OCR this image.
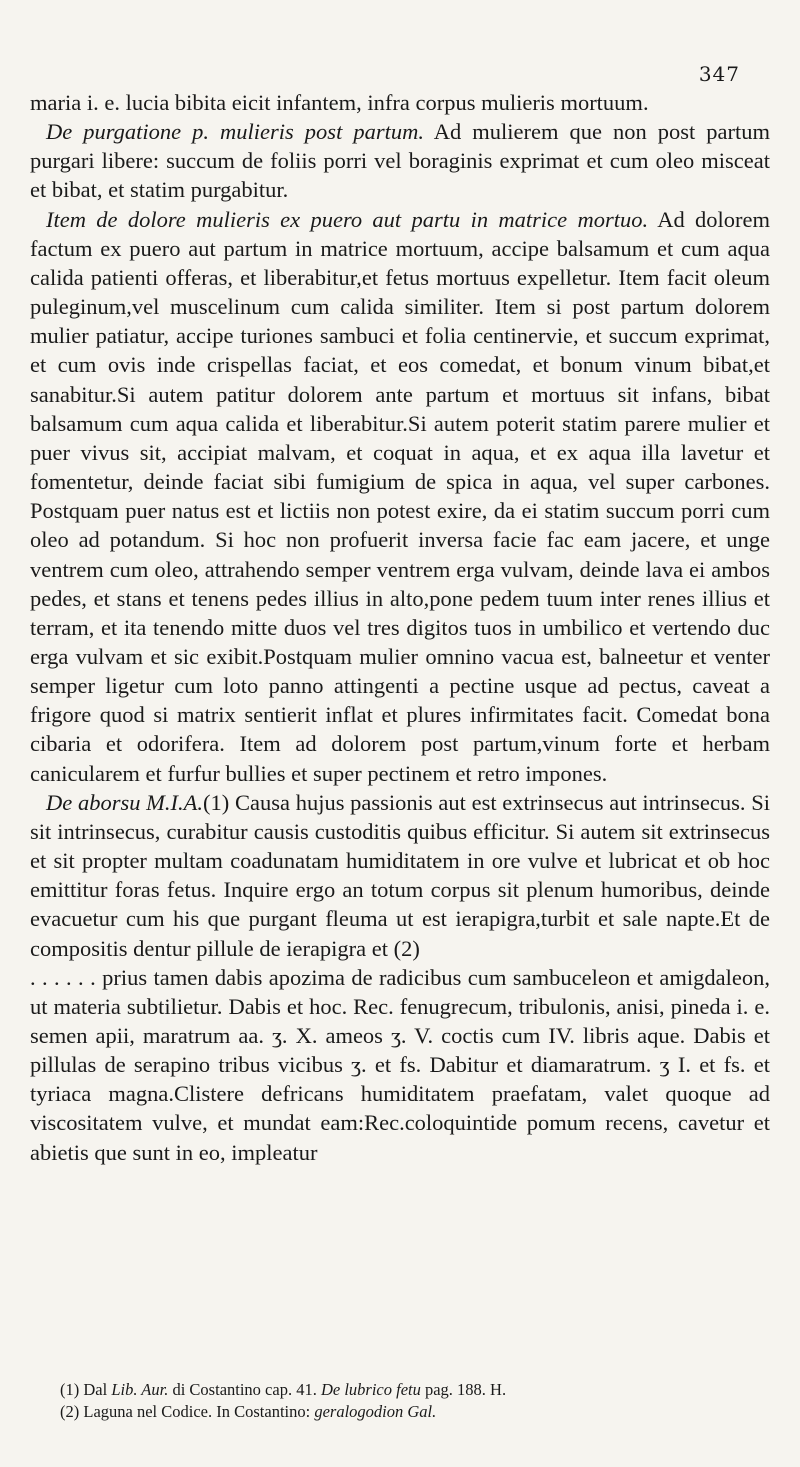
347

maria i. e. lucia bibita eicit infantem, infra corpus mulieris mortuum.

De purgatione p. mulieris post partum. Ad mulierem que non post partum purgari libere: succum de foliis porri vel boraginis exprimat et cum oleo misceat et bibat, et statim purgabitur.

Item de dolore mulieris ex puero aut partu in matrice mortuo. Ad dolorem factum ex puero aut partum in matrice mortuum, accipe balsamum et cum aqua calida patienti offeras, et liberabitur,et fetus mortuus expelletur. Item facit oleum puleginum,vel muscelinum cum calida similiter. Item si post partum dolorem mulier patiatur, accipe turiones sambuci et folia centinervie, et succum exprimat, et cum ovis inde crispellas faciat, et eos comedat, et bonum vinum bibat,et sanabitur.Si autem patitur dolorem ante partum et mortuus sit infans, bibat balsamum cum aqua calida et liberabitur.Si autem poterit statim parere mulier et puer vivus sit, accipiat malvam, et coquat in aqua, et ex aqua illa lavetur et fomentetur, deinde faciat sibi fumigium de spica in aqua, vel super carbones. Postquam puer natus est et lictiis non potest exire, da ei statim succum porri cum oleo ad potandum. Si hoc non profuerit inversa facie fac eam jacere, et unge ventrem cum oleo, attrahendo semper ventrem erga vulvam, deinde lava ei ambos pedes, et stans et tenens pedes illius in alto,pone pedem tuum inter renes illius et terram, et ita tenendo mitte duos vel tres digitos tuos in umbilico et vertendo duc erga vulvam et sic exibit.Postquam mulier omnino vacua est, balneetur et venter semper ligetur cum loto panno attingenti a pectine usque ad pectus, caveat a frigore quod si matrix sentierit inflat et plures infirmitates facit. Comedat bona cibaria et odorifera. Item ad dolorem post partum,vinum forte et herbam canicularem et furfur bullies et super pectinem et retro impones.

De aborsu M.I.A.(1) Causa hujus passionis aut est extrinsecus aut intrinsecus. Si sit intrinsecus, curabitur causis custoditis quibus efficitur. Si autem sit extrinsecus et sit propter multam coadunatam humiditatem in ore vulve et lubricat et ob hoc emittitur foras fetus. Inquire ergo an totum corpus sit plenum humoribus, deinde evacuetur cum his que purgant fleuma ut est ierapigra,turbit et sale napte.Et de compositis dentur pillule de ierapigra et (2)

. . . . . . prius tamen dabis apozima de radicibus cum sambuceleon et amigdaleon, ut materia subtilietur. Dabis et hoc. Rec. fenugrecum, tribulonis, anisi, pineda i. e. semen apii, maratrum aa. ʒ. X. ameos ʒ. V. coctis cum IV. libris aque. Dabis et pillulas de serapino tribus vicibus ʒ. et fs. Dabitur et diamaratrum. ʒ I. et fs. et tyriaca magna.Clistere defricans humiditatem praefatam, valet quoque ad viscositatem vulve, et mundat eam:Rec.coloquintide pomum recens, cavetur et abietis que sunt in eo, impleatur

(1) Dal Lib. Aur. di Costantino cap. 41. De lubrico fetu pag. 188. H.
(2) Laguna nel Codice. In Costantino: geralogodion Gal.
